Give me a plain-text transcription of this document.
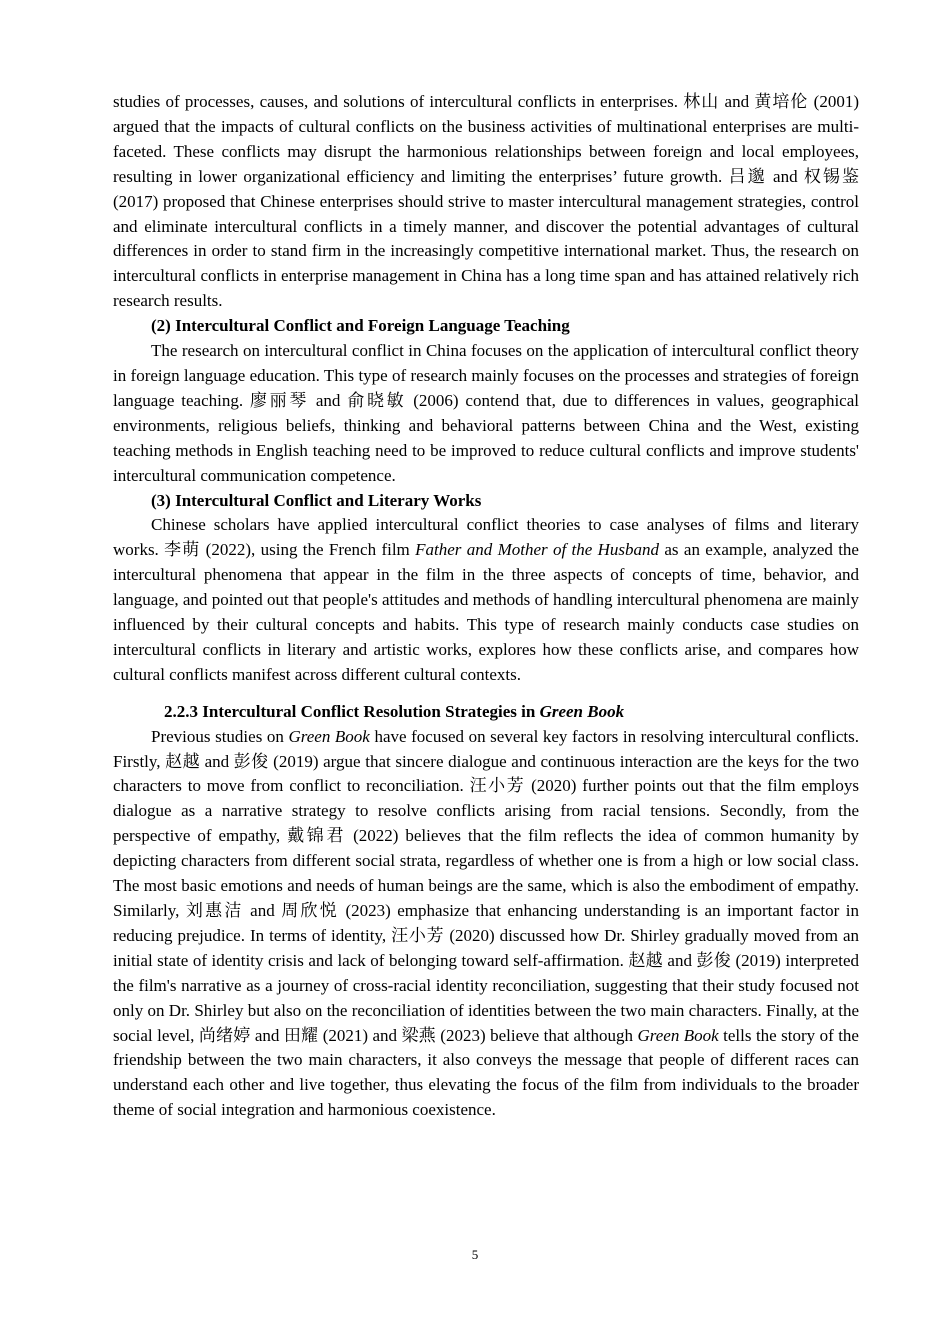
studies of processes, causes, and solutions of intercultural conflicts in enterprises. 林山 and 黄培伦 (2001) argued that the impacts of cultural conflicts on the business activities of multinational enterprises are multi-faceted. These conflicts may disrupt the harmonious relationships between foreign and local employees, resulting in lower organizational efficiency and limiting the enterprises’ future growth. 吕邈 and 权锡鉴 (2017) proposed that Chinese enterprises should strive to master intercultural management strategies, control and eliminate intercultural conflicts in a timely manner, and discover the potential advantages of cultural differences in order to stand firm in the increasingly competitive international market. Thus, the research on intercultural conflicts in enterprise management in China has a long time span and has attained relatively rich research results.

(2) Intercultural Conflict and Foreign Language Teaching

The research on intercultural conflict in China focuses on the application of intercultural conflict theory in foreign language education. This type of research mainly focuses on the processes and strategies of foreign language teaching. 廖丽琴 and 俞晓敏 (2006) contend that, due to differences in values, geographical environments, religious beliefs, thinking and behavioral patterns between China and the West, existing teaching methods in English teaching need to be improved to reduce cultural conflicts and improve students' intercultural communication competence.

(3) Intercultural Conflict and Literary Works

Chinese scholars have applied intercultural conflict theories to case analyses of films and literary works. 李萌 (2022), using the French film Father and Mother of the Husband as an example, analyzed the intercultural phenomena that appear in the film in the three aspects of concepts of time, behavior, and language, and pointed out that people's attitudes and methods of handling intercultural phenomena are mainly influenced by their cultural concepts and habits. This type of research mainly conducts case studies on intercultural conflicts in literary and artistic works, explores how these conflicts arise, and compares how cultural conflicts manifest across different cultural contexts.

2.2.3 Intercultural Conflict Resolution Strategies in Green Book

Previous studies on Green Book have focused on several key factors in resolving intercultural conflicts. Firstly, 赵越 and 彭俊 (2019) argue that sincere dialogue and continuous interaction are the keys for the two characters to move from conflict to reconciliation. 汪小芳 (2020) further points out that the film employs dialogue as a narrative strategy to resolve conflicts arising from racial tensions. Secondly, from the perspective of empathy, 戴锦君 (2022) believes that the film reflects the idea of common humanity by depicting characters from different social strata, regardless of whether one is from a high or low social class. The most basic emotions and needs of human beings are the same, which is also the embodiment of empathy. Similarly, 刘惠洁 and 周欣悦 (2023) emphasize that enhancing understanding is an important factor in reducing prejudice. In terms of identity, 汪小芳 (2020) discussed how Dr. Shirley gradually moved from an initial state of identity crisis and lack of belonging toward self-affirmation. 赵越 and 彭俊 (2019) interpreted the film's narrative as a journey of cross-racial identity reconciliation, suggesting that their study focused not only on Dr. Shirley but also on the reconciliation of identities between the two main characters. Finally, at the social level, 尚绪婷 and 田耀 (2021) and 梁燕 (2023) believe that although Green Book tells the story of the friendship between the two main characters, it also conveys the message that people of different races can understand each other and live together, thus elevating the focus of the film from individuals to the broader theme of social integration and harmonious coexistence.

5
